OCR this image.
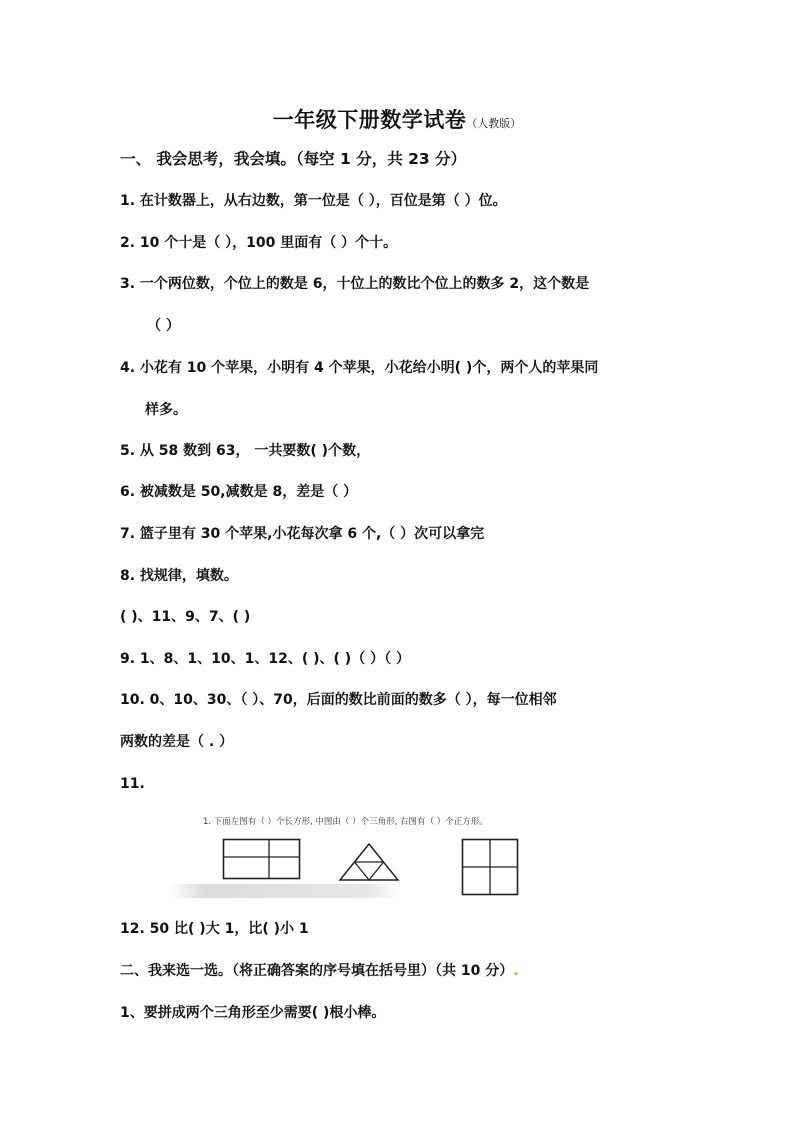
一年级下册数学试卷（人教版）
一、 我会思考，我会填。（每空 1 分，共 23 分）
1. 在计数器上，从右边数，第一位是（ ），百位是第（ ）位。
2. 10 个十是（ ），100 里面有（ ）个十。
3. 一个两位数，个位上的数是 6，十位上的数比个位上的数多 2，这个数是
（ ）
4. 小花有 10 个苹果，小明有 4 个苹果，小花给小明( )个，两个人的苹果同
样多。
5. 从 58 数到 63， 一共要数( )个数，
6. 被减数是 50,减数是 8，差是（ ）
7. 篮子里有 30 个苹果,小花每次拿 6 个,（ ）次可以拿完
8. 找规律，填数。
( )、11、9、7、( )
9. 1、8、1、10、1、12、( )、( )（ ）（ ）
10. 0、10、30、（ ）、70，后面的数比前面的数多（ ），每一位相邻
两数的差是（ . ）
11.
1. 下面左图有（ ）个长方形, 中图由（ ）个三角形, 右图有（ ）个正方形。
12. 50 比( )大 1，比( )小 1
二、我来选一选。（将正确答案的序号填在括号里）（共 10 分）.
1、要拼成两个三角形至少需要( )根小棒。
